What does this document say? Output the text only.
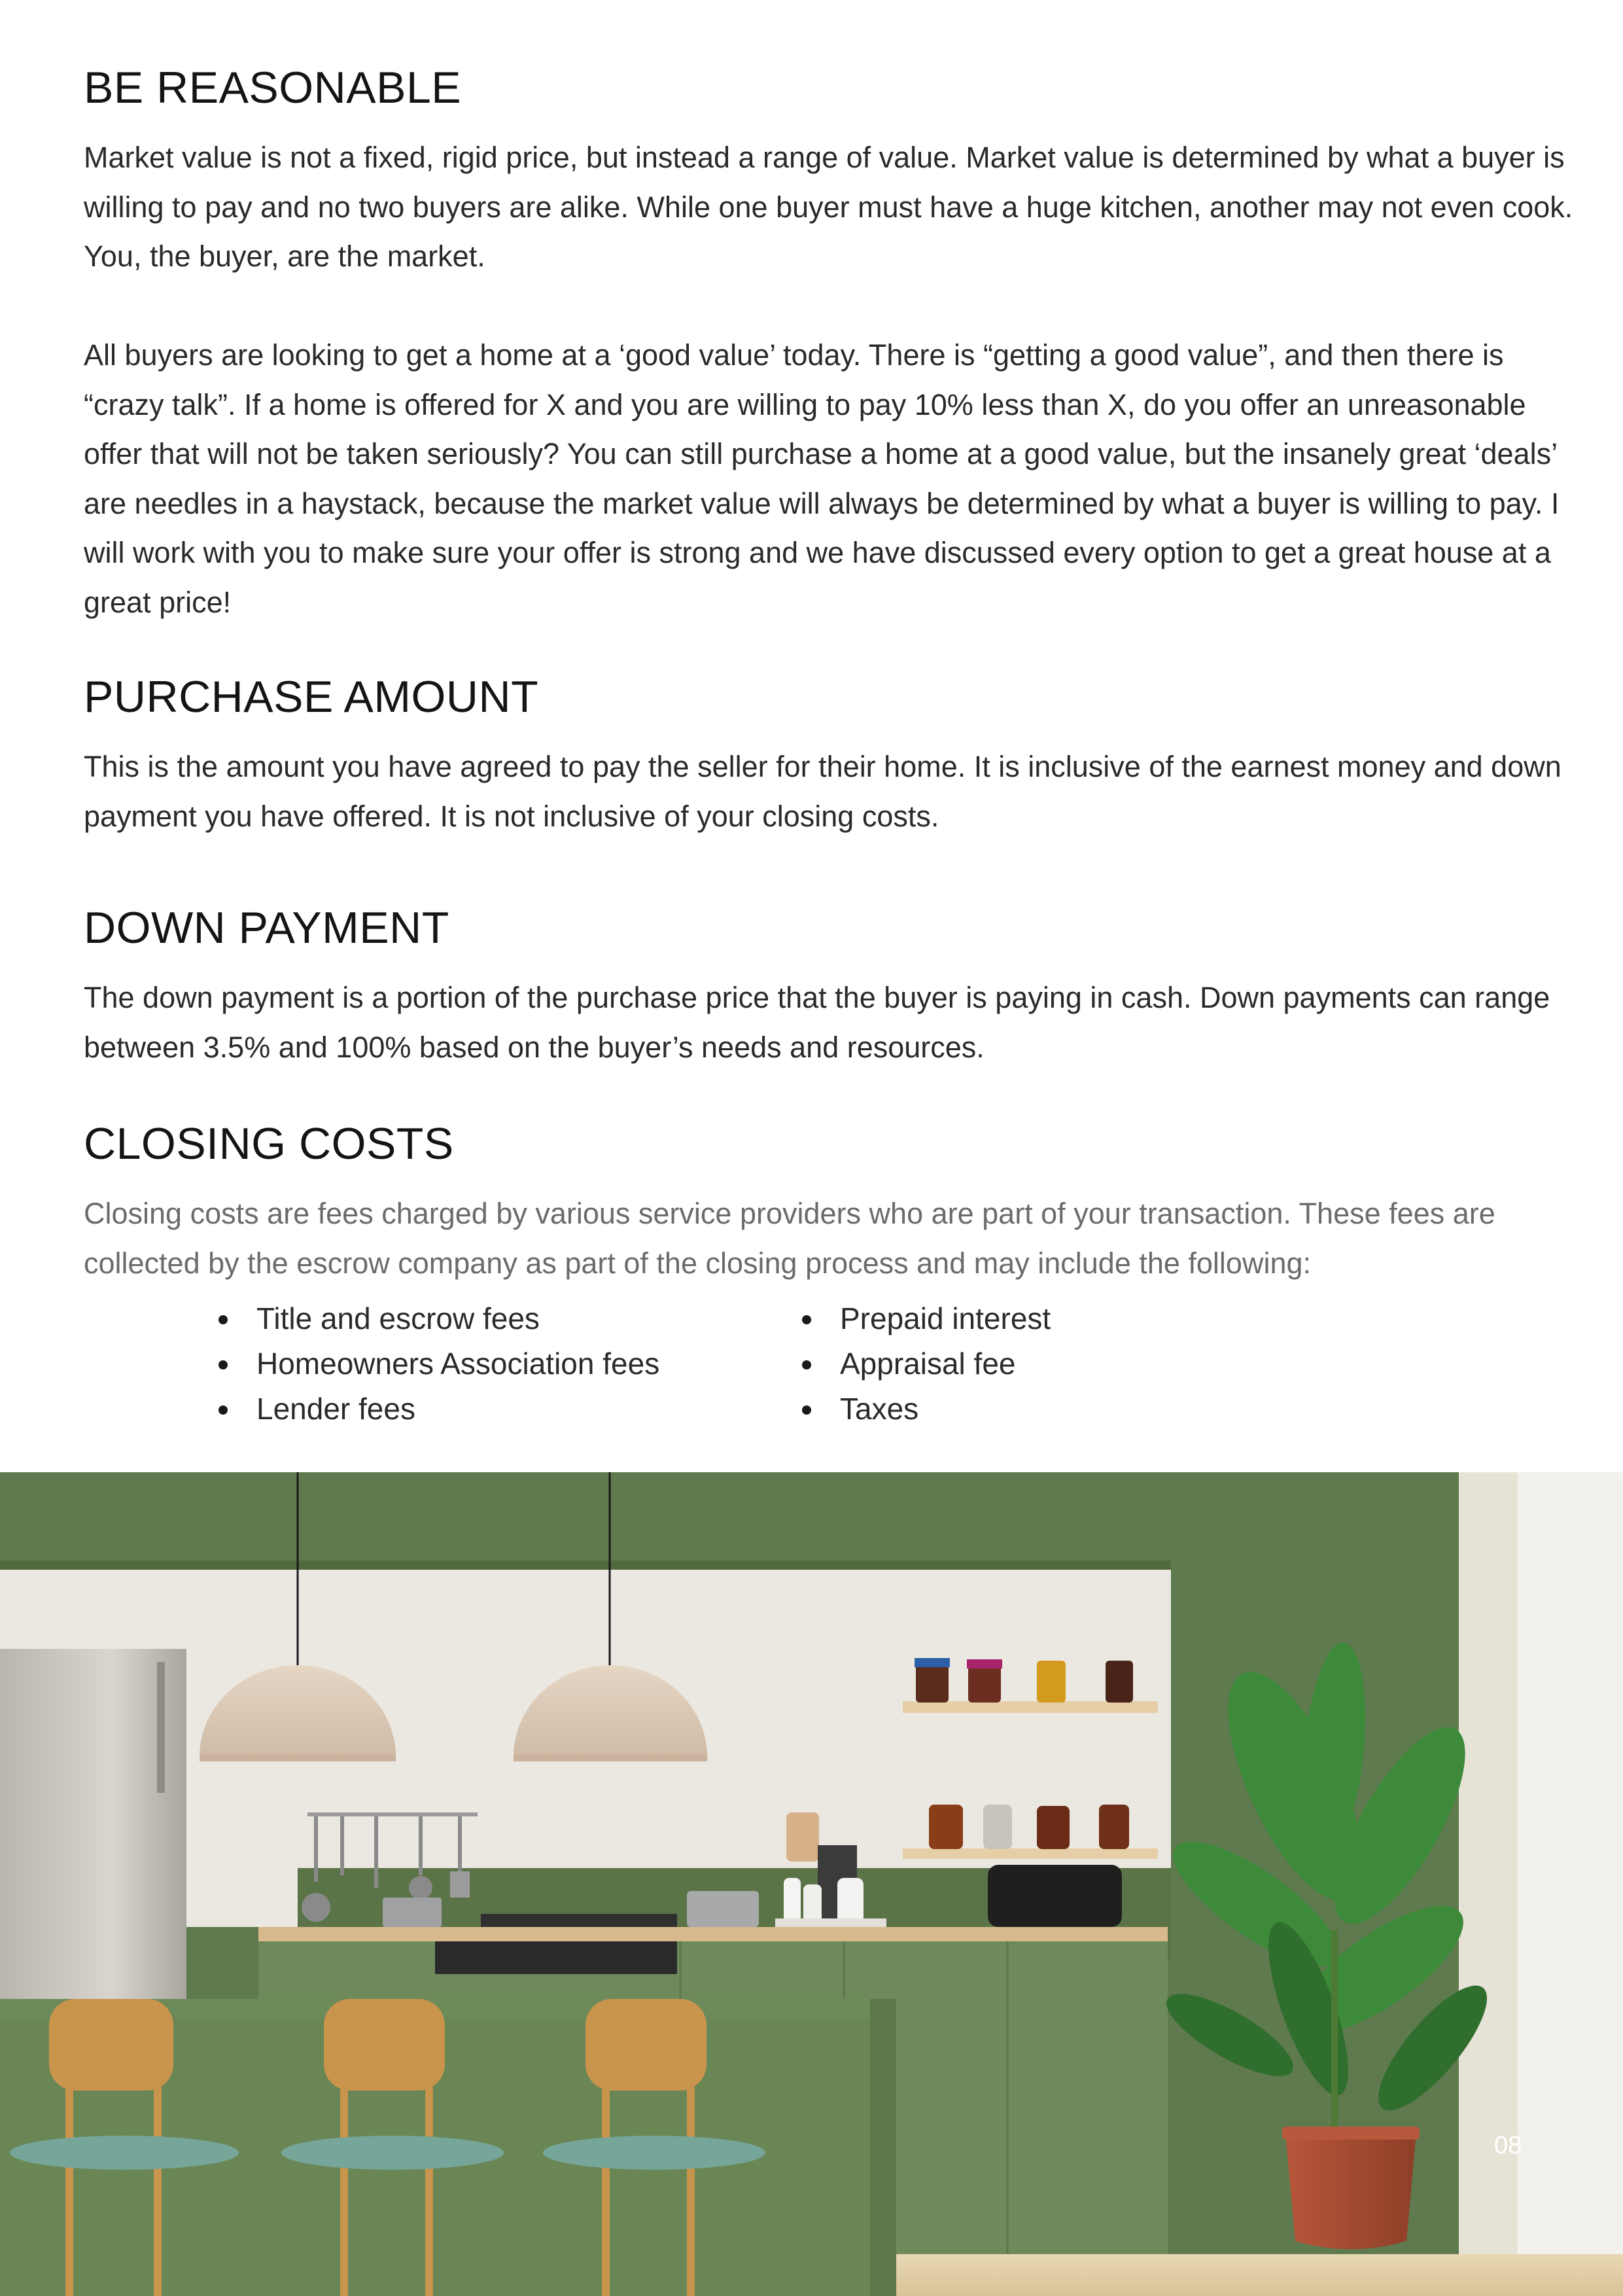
BE REASONABLE

Market value is not a fixed, rigid price, but instead a range of value. Market value is determined by what a buyer is willing to pay and no two buyers are alike. While one buyer must have a huge kitchen, another may not even cook. You, the buyer, are the market.

All buyers are looking to get a home at a ‘good value’ today. There is “getting a good value”, and then there is “crazy talk”. If a home is offered for X and you are willing to pay 10% less than X, do you offer an unreasonable offer that will not be taken seriously? You can still purchase a home at a good value, but the insanely great ‘deals’ are needles in a haystack, because the market value will always be determined by what a buyer is willing to pay. I will work with you to make sure your offer is strong and we have discussed every option to get a great house at a great price!

PURCHASE AMOUNT

This is the amount you have agreed to pay the seller for their home. It is inclusive of the earnest money and down payment you have offered. It is not inclusive of your closing costs.

DOWN PAYMENT

The down payment is a portion of the purchase price that the buyer is paying in cash. Down payments can range between 3.5% and 100% based on the buyer’s needs and resources.

CLOSING COSTS

Closing costs are fees charged by various service providers who are part of your transaction. These fees are collected by the escrow company as part of the closing process and may include the following:

Title and escrow fees
Homeowners Association fees
Lender fees
Prepaid interest
Appraisal fee
Taxes
08
